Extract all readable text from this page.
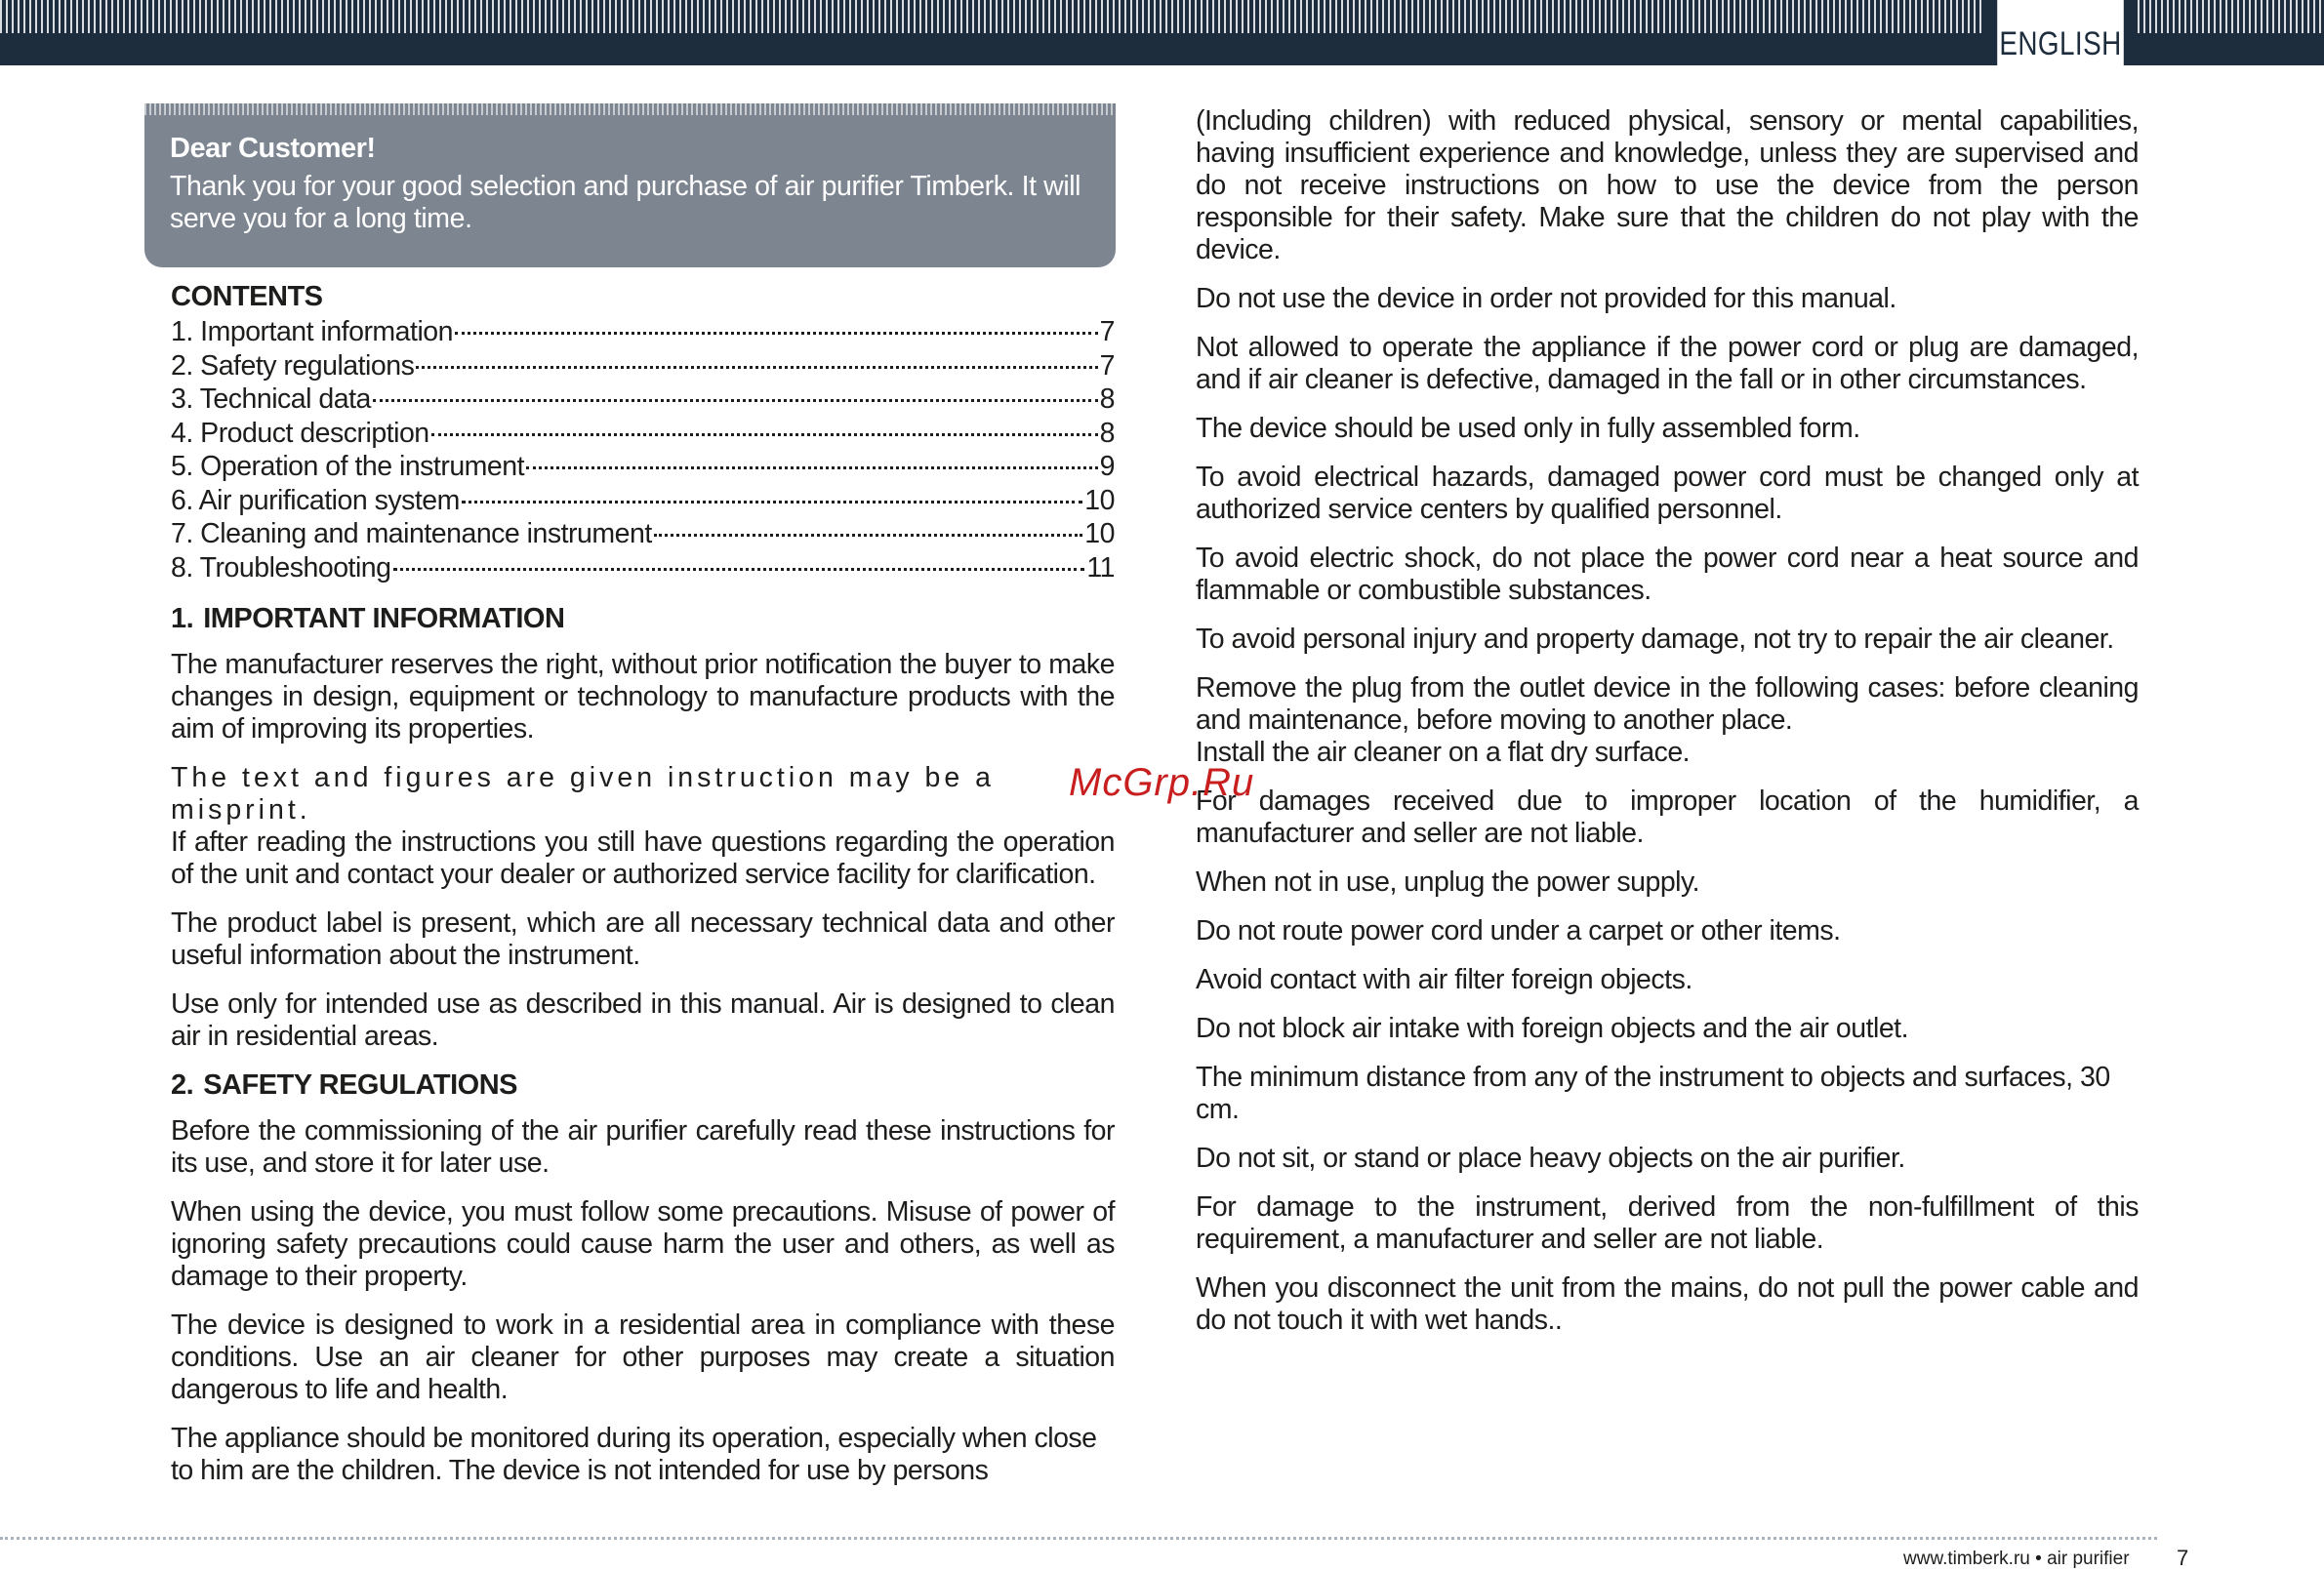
ENGLISH
Dear Customer!

Thank you for your good selection and purchase of air purifier Timberk. It will serve you for a long time.

CONTENTS
1. Important information	7
2. Safety regulations	7
3. Technical data	8
4. Product description	8
5. Operation of the instrument	9
6. Air purification system	10
7. Cleaning and maintenance instrument	10
8. Troubleshooting	11
1. IMPORTANT INFORMATION

The manufacturer reserves the right, without prior notification the buyer to make changes in design, equipment or technology to manufacture products with the aim of improving its properties.

The text and figures are given instruction may be a misprint.

If after reading the instructions you still have questions regarding the operation of the unit and contact your dealer or authorized service facility for clarification.

The product label is present, which are all necessary technical data and other useful information about the instrument.

Use only for intended use as described in this manual. Air is designed to clean air in residential areas.

2. SAFETY REGULATIONS

Before the commissioning of the air purifier carefully read these instructions for its use, and store it for later use.

When using the device, you must follow some precautions. Misuse of power of ignoring safety precautions could cause harm the user and others, as well as damage to their property.

The device is designed to work in a residential area in compliance with these conditions. Use an air cleaner for other purposes may create a situation dangerous to life and health.

The appliance should be monitored during its operation, especially when close to him are the children. The device is not intended for use by persons

(Including children) with reduced physical, sensory or mental capabilities, having insufficient experience and knowledge, unless they are supervised and do not receive instructions on how to use the device from the person responsible for their safety. Make sure that the children do not play with the device.

Do not use the device in order not provided for this manual.

Not allowed to operate the appliance if the power cord or plug are damaged, and if air cleaner is defective, damaged in the fall or in other circumstances.

The device should be used only in fully assembled form.

To avoid electrical hazards, damaged power cord must be changed only at authorized service centers by qualified personnel.

To avoid electric shock, do not place the power cord near a heat source and flammable or combustible substances.

To avoid personal injury and property damage, not try to repair the air cleaner.

Remove the plug from the outlet device in the following cases: before cleaning and maintenance, before moving to another place.

Install the air cleaner on a flat dry surface.

For damages received due to improper location of the humidifier, a manufacturer and seller are not liable.

When not in use, unplug the power supply.

Do not route power cord under a carpet or other items.

Avoid contact with air filter foreign objects.

Do not block air intake with foreign objects and the air outlet.

The minimum distance from any of the instrument to objects and surfaces, 30 cm.

Do not sit, or stand or place heavy objects on the air purifier.

For damage to the instrument, derived from the non-fulfillment of this requirement, a manufacturer and seller are not liable.

When you disconnect the unit from the mains, do not pull the power cable and do not touch it with wet hands..

McGrp.Ru
www.timberk.ru • air purifier 7
